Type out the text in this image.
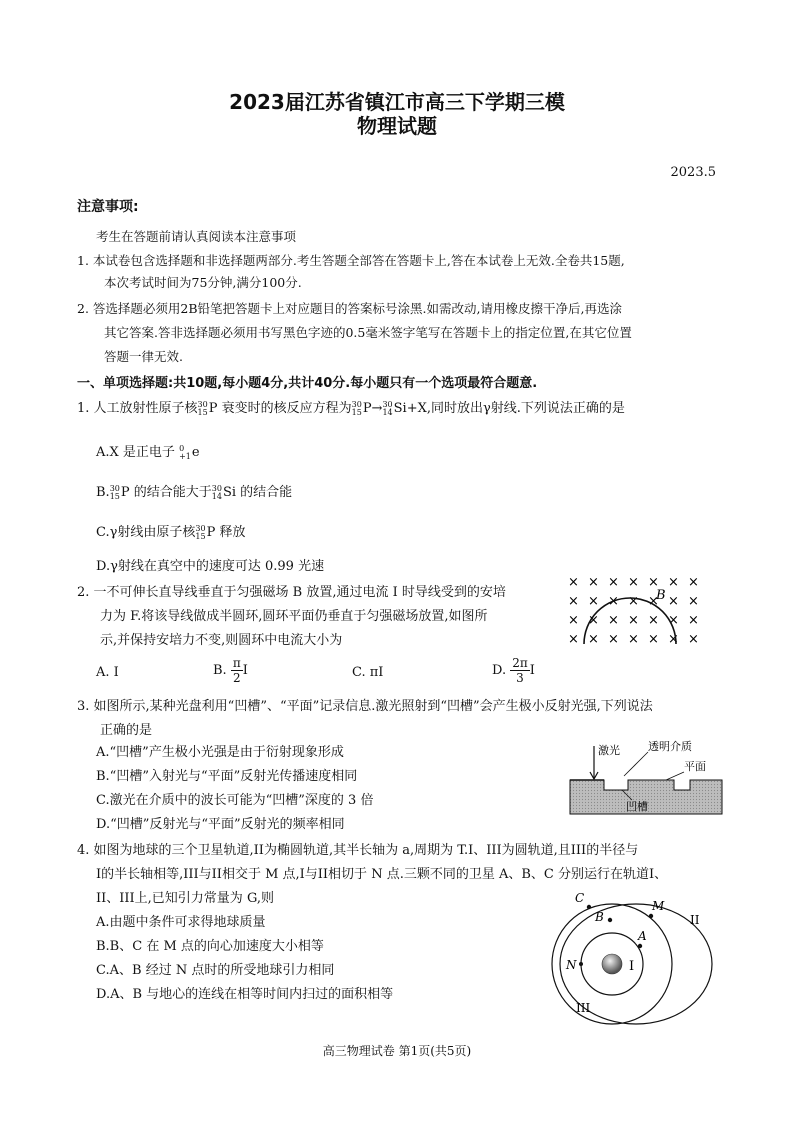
2023届江苏省镇江市高三下学期三模
物理试题
2023.5
注意事项:
考生在答题前请认真阅读本注意事项
1. 本试卷包含选择题和非选择题两部分.考生答题全部答在答题卡上,答在本试卷上无效.全卷共15题,
本次考试时间为75分钟,满分100分.
2. 答选择题必须用2B铅笔把答题卡上对应题目的答案标号涂黑.如需改动,请用橡皮擦干净后,再选涂
其它答案.答非选择题必须用书写黑色字迹的0.5毫米签字笔写在答题卡上的指定位置,在其它位置
答题一律无效.
一、单项选择题:共10题,每小题4分,共计40分.每小题只有一个选项最符合题意.
1. 人工放射性原子核 30
15 P 衰变时的核反应方程为 30
15 P→ 30
14 Si+X,同时放出γ射线.下列说法正确的是
A.X 是正电子 0
+1 e
B. 30
15 P 的结合能大于 30
14 Si 的结合能
C.γ射线由原子核 30
15 P 释放
D.γ射线在真空中的速度可达 0.99 光速
2. 一不可伸长直导线垂直于匀强磁场 B 放置,通过电流 I 时导线受到的安培
力为 F.将该导线做成半圆环,圆环平面仍垂直于匀强磁场放置,如图所
示,并保持安培力不变,则圆环中电流大小为
A. I	B. $\frac{\pi}{2}$ I	C. πI	D. $\frac{2\pi}{3}$ I
× × × × × × ×
× × × × × × ×
× × × × × × ×
× × × × × × ×
B
3. 如图所示,某种光盘利用“凹槽”、“平面”记录信息.激光照射到“凹槽”会产生极小反射光强,下列说法
正确的是
A.“凹槽”产生极小光强是由于衍射现象形成
B.“凹槽”入射光与“平面”反射光传播速度相同
C.激光在介质中的波长可能为“凹槽”深度的 3 倍
D.“凹槽”反射光与“平面”反射光的频率相同
激光	透明介质
平面
凹槽
4. 如图为地球的三个卫星轨道,II为椭圆轨道,其半长轴为 a,周期为 T.I、III为圆轨道,且III的半径与
I的半长轴相等,III与II相交于 M 点,I与II相切于 N 点.三颗不同的卫星 A、B、C 分别运行在轨道I、
II、III上,已知引力常量为 G,则
A.由题中条件可求得地球质量
B.B、C 在 M 点的向心加速度大小相等
C.A、B 经过 N 点时的所受地球引力相同
D.A、B 与地心的连线在相等时间内扫过的面积相等
C
B
A
M
N	I
II
III
高三物理试卷 第1页(共5页)
